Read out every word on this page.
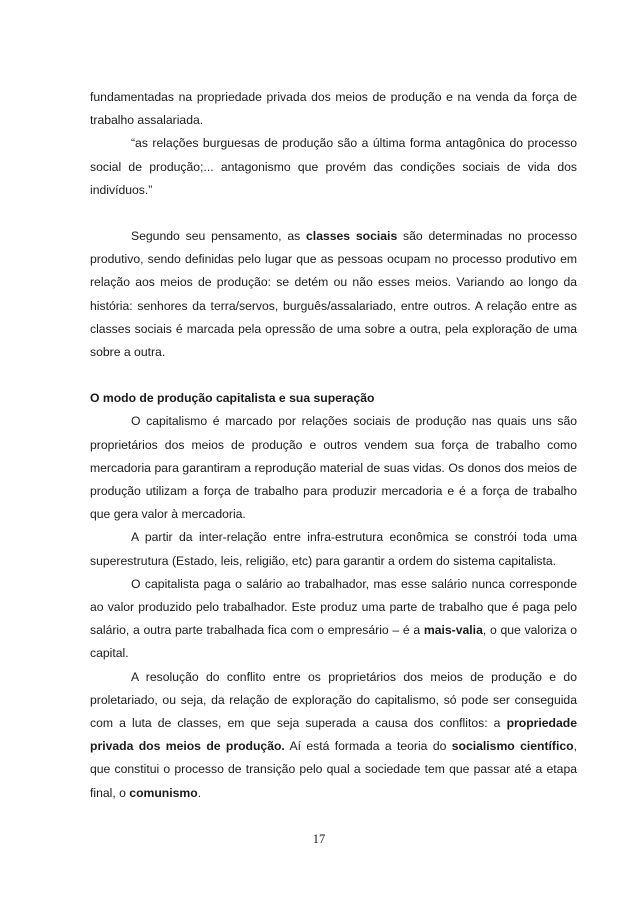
fundamentadas na propriedade privada dos meios de produção e na venda da força de trabalho assalariada.

“as relações burguesas de produção são a última forma antagônica do processo social de produção;... antagonismo que provém das condições sociais de vida dos indivíduos.”

Segundo seu pensamento, as classes sociais são determinadas no processo produtivo, sendo definidas pelo lugar que as pessoas ocupam no processo produtivo em relação aos meios de produção: se detém ou não esses meios. Variando ao longo da história: senhores da terra/servos, burguês/assalariado, entre outros. A relação entre as classes sociais é marcada pela opressão de uma sobre a outra, pela exploração de uma sobre a outra.

O modo de produção capitalista e sua superação

O capitalismo é marcado por relações sociais de produção nas quais uns são proprietários dos meios de produção e outros vendem sua força de trabalho como mercadoria para garantiram a reprodução material de suas vidas. Os donos dos meios de produção utilizam a força de trabalho para produzir mercadoria e é a força de trabalho que gera valor à mercadoria.

A partir da inter-relação entre infra-estrutura econômica se constrói toda uma superestrutura (Estado, leis, religião, etc) para garantir a ordem do sistema capitalista.

O capitalista paga o salário ao trabalhador, mas esse salário nunca corresponde ao valor produzido pelo trabalhador. Este produz uma parte de trabalho que é paga pelo salário, a outra parte trabalhada fica com o empresário – é a mais-valia, o que valoriza o capital.

A resolução do conflito entre os proprietários dos meios de produção e do proletariado, ou seja, da relação de exploração do capitalismo, só pode ser conseguida com a luta de classes, em que seja superada a causa dos conflitos: a propriedade privada dos meios de produção. Aí está formada a teoria do socialismo científico, que constitui o processo de transição pelo qual a sociedade tem que passar até a etapa final, o comunismo.

17
